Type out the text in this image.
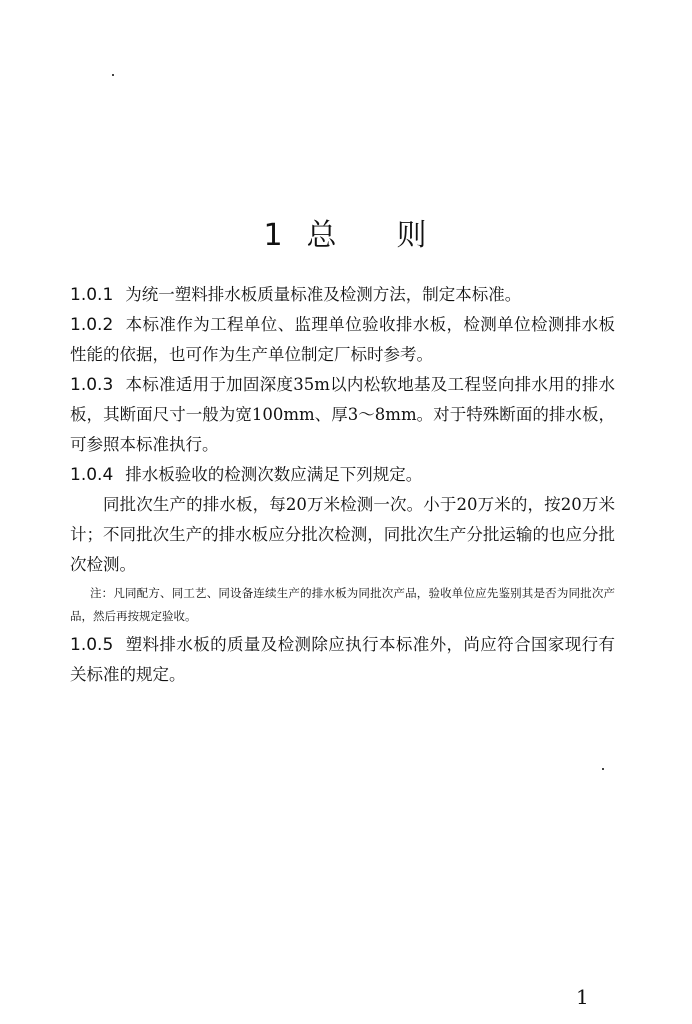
1 总 则

1.0.1 为统一塑料排水板质量标准及检测方法，制定本标准。

1.0.2 本标准作为工程单位、监理单位验收排水板，检测单位检测排水板性能的依据，也可作为生产单位制定厂标时参考。

1.0.3 本标准适用于加固深度35m以内松软地基及工程竖向排水用的排水板，其断面尺寸一般为宽100mm、厚3～8mm。对于特殊断面的排水板，可参照本标准执行。

1.0.4 排水板验收的检测次数应满足下列规定。

同批次生产的排水板，每20万米检测一次。小于20万米的，按20万米计；不同批次生产的排水板应分批次检测，同批次生产分批运输的也应分批次检测。

注：凡同配方、同工艺、同设备连续生产的排水板为同批次产品，验收单位应先鉴别其是否为同批次产品，然后再按规定验收。

1.0.5 塑料排水板的质量及检测除应执行本标准外，尚应符合国家现行有关标准的规定。

1
